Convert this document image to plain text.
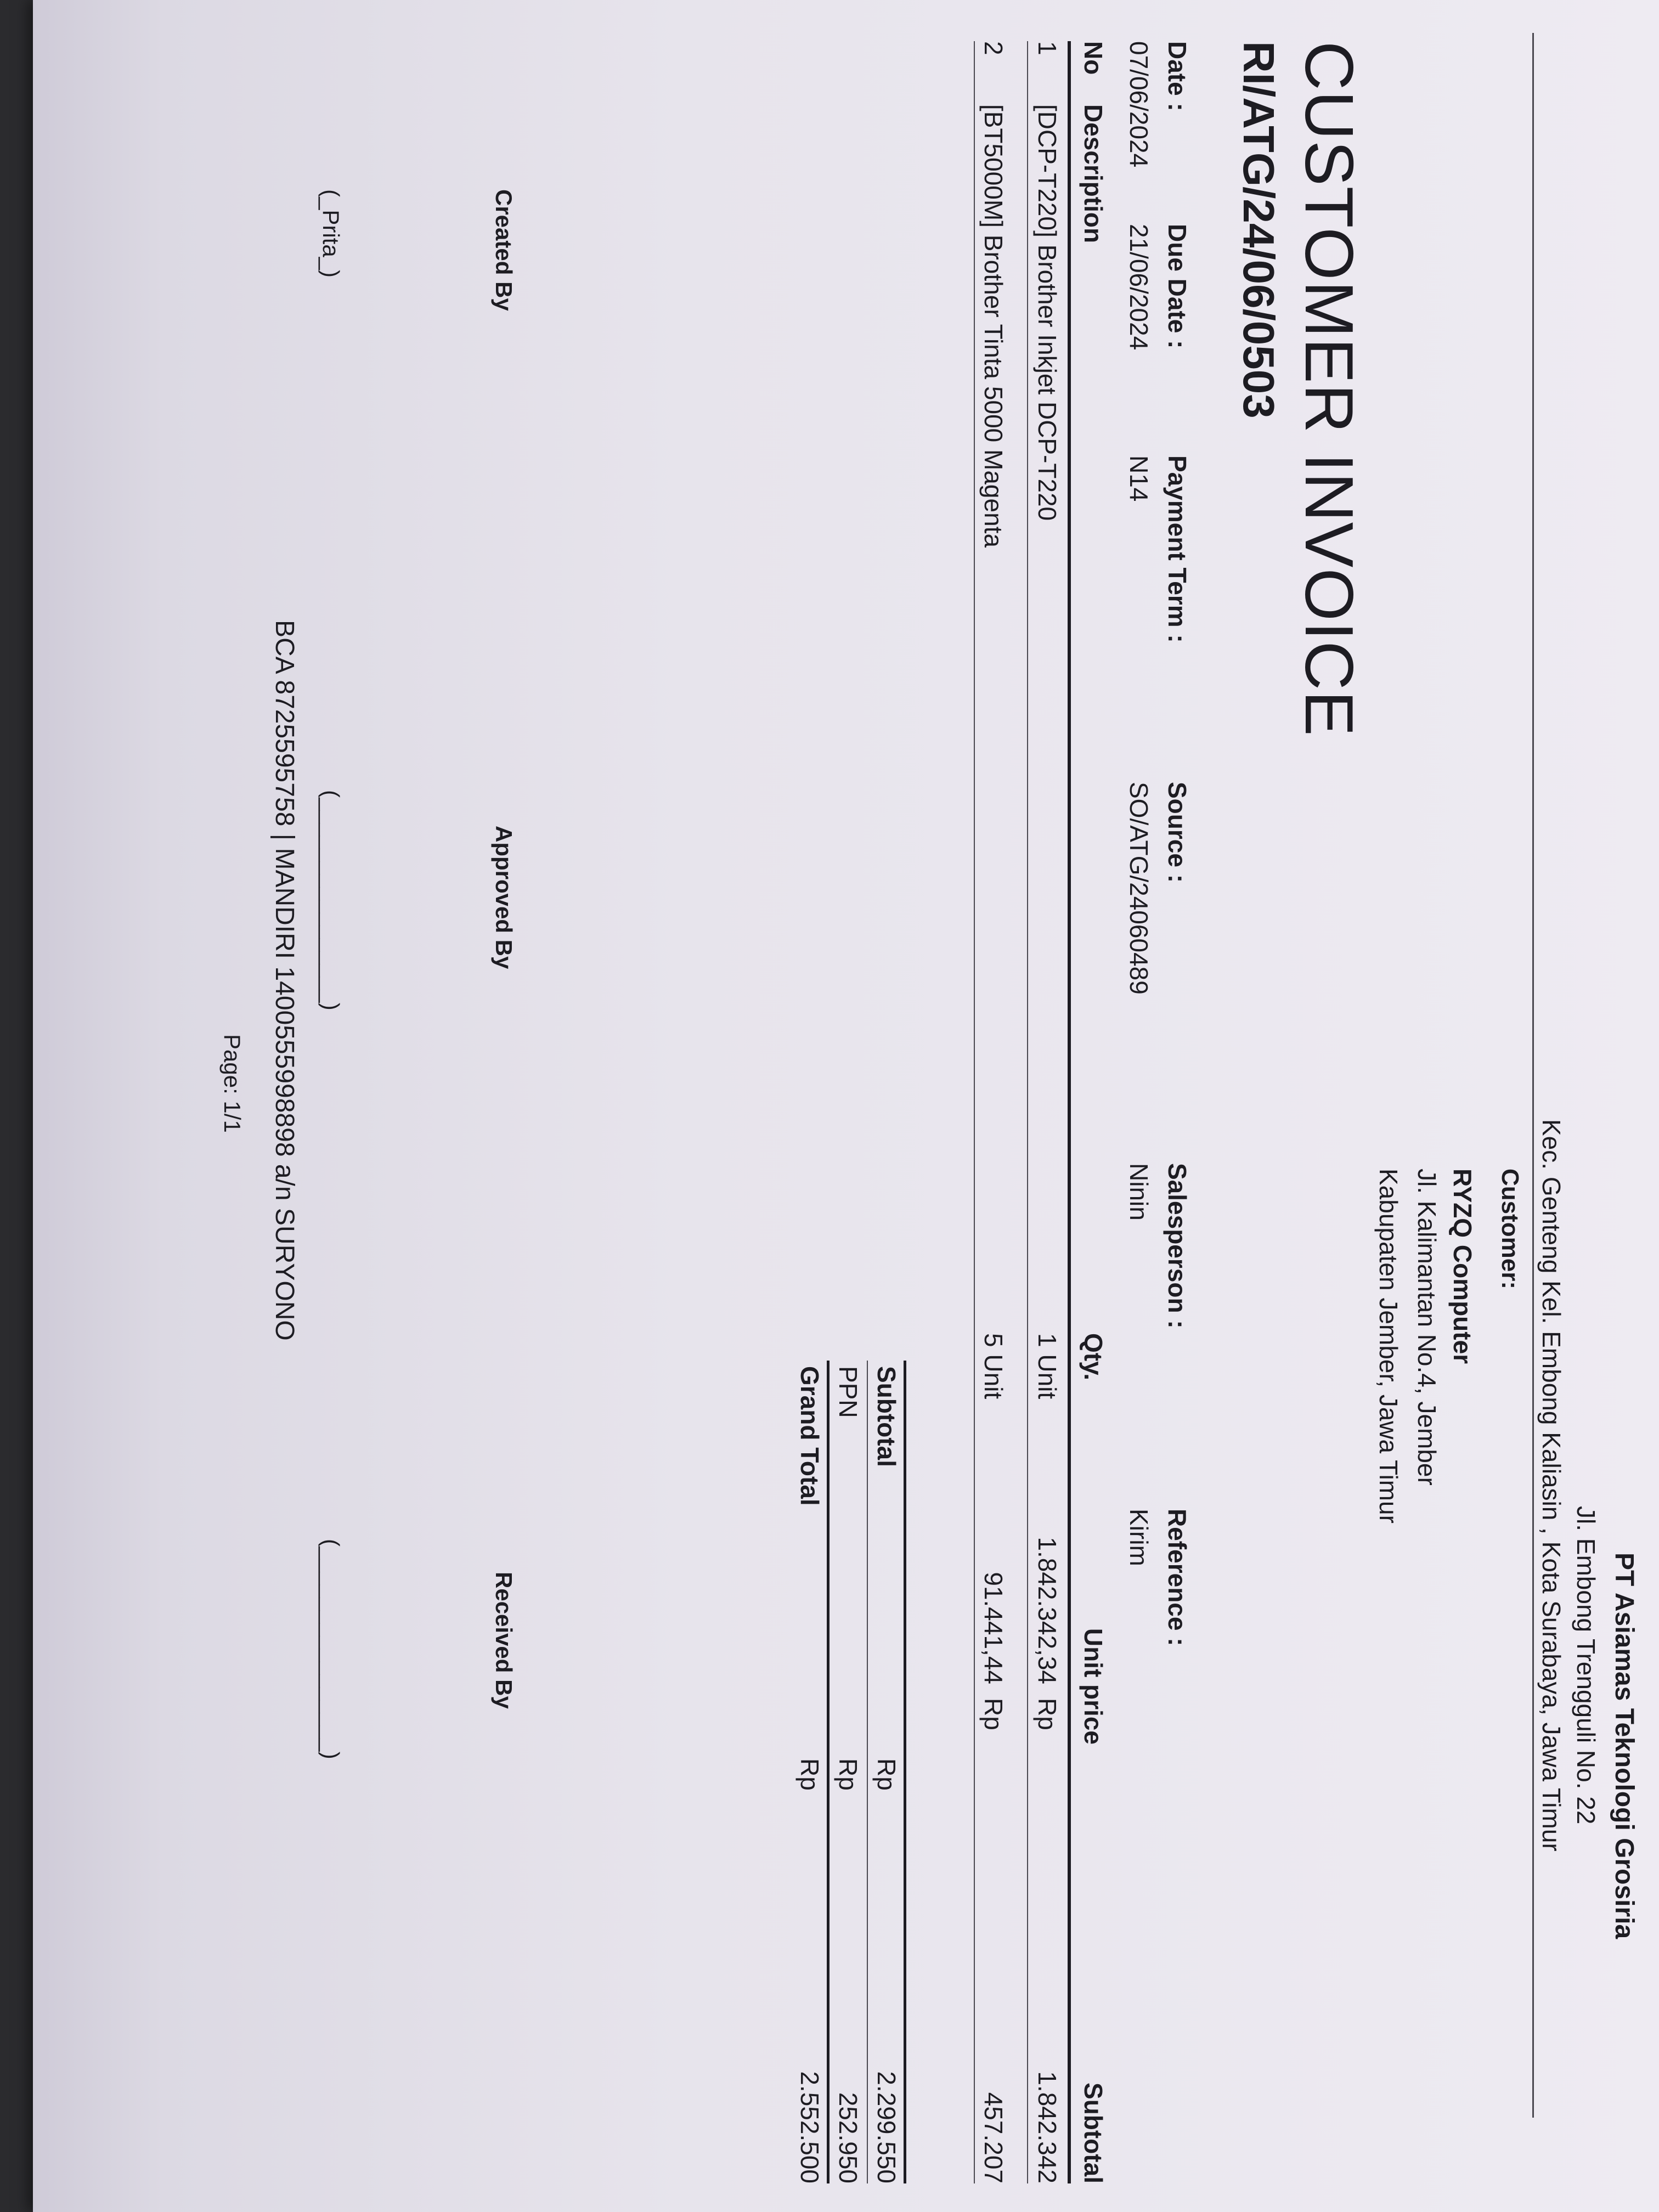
PT Asiamas Teknologi Grosiria
Jl. Embong Trengguli No. 22
Kec. Genteng Kel. Embong Kaliasin , Kota Surabaya, Jawa Timur
Customer:
RYZQ Computer
Jl. Kalimantan No.4, Jember
Kabupaten Jember, Jawa Timur
CUSTOMER INVOICE
RI/ATG/24/06/0503
Date :
Due Date :
Payment Term :
Source :
Salesperson :
Reference :
07/06/2024
21/06/2024
N14
SO/ATG/24060489
Ninin
Kirim
No
Description
Qty.
Unit price
Subtotal
1
[DCP-T220] Brother Inkjet DCP-T220
1 Unit
1.842.342,34
Rp
1.842.342
2
[BT5000M] Brother Tinta 5000 Magenta
5 Unit
91.441,44
Rp
457.207
Subtotal
Rp
2.299.550
PPN
Rp
252.950
Grand Total
Rp
2.552.500
Created By
Approved By
Received By
(_Prita_)
(________________)
(________________)
BCA 8725595758 | MANDIRI 1400555998898 a/n SURYONO
Page: 1/1
